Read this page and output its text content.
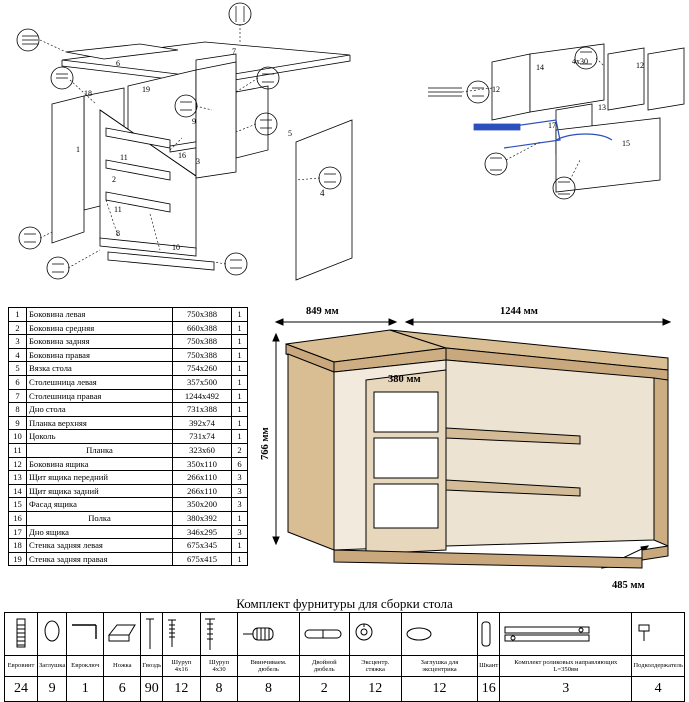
1
4
6
7
19
18
11
2
11
16
3
5
8
10
9
14	12
12
13
17
15
4x30
1	Боковина левая	750x388	1
2	Боковина средняя	660x388	1
3	Боковина задняя	750x388	1
4	Боковина правая	750x388	1
5	Вязка стола	754x260	1
6	Столешница левая	357x500	1
7	Столешница правая	1244x492	1
8	Дно стола	731x388	1
9	Планка верхняя	392x74	1
10	Цоколь	731x74	1
11	Планка	323x60	2
12	Боковина ящика	350x110	6
13	Щит ящика передний	266x110	3
14	Щит ящика задний	266x110	3
15	Фасад ящика	350x200	3
16	Полка	380x392	1
17	Дно ящика	346x295	3
18	Стенка задняя левая	675x345	1
19	Стенка задняя правая	675x415	1
849 мм	1244 мм
766 мм
380 мм
485 мм
Комплект фурнитуры для сборки стола

Евровинт	Заглушка	Евроключ	Ножка	Гвоздь	Шуруп 4х16	Шуруп 4х30	Ввинчиваем. дюбель	Двойной дюбель	Эксцентр. стяжка	Заглушка для эксцентрика	Шкант	Комплект роликовых направляющих L=350вм	Подколдержатель
24	9	1	6	90	12	8	8	2	12	12	16	3	4
